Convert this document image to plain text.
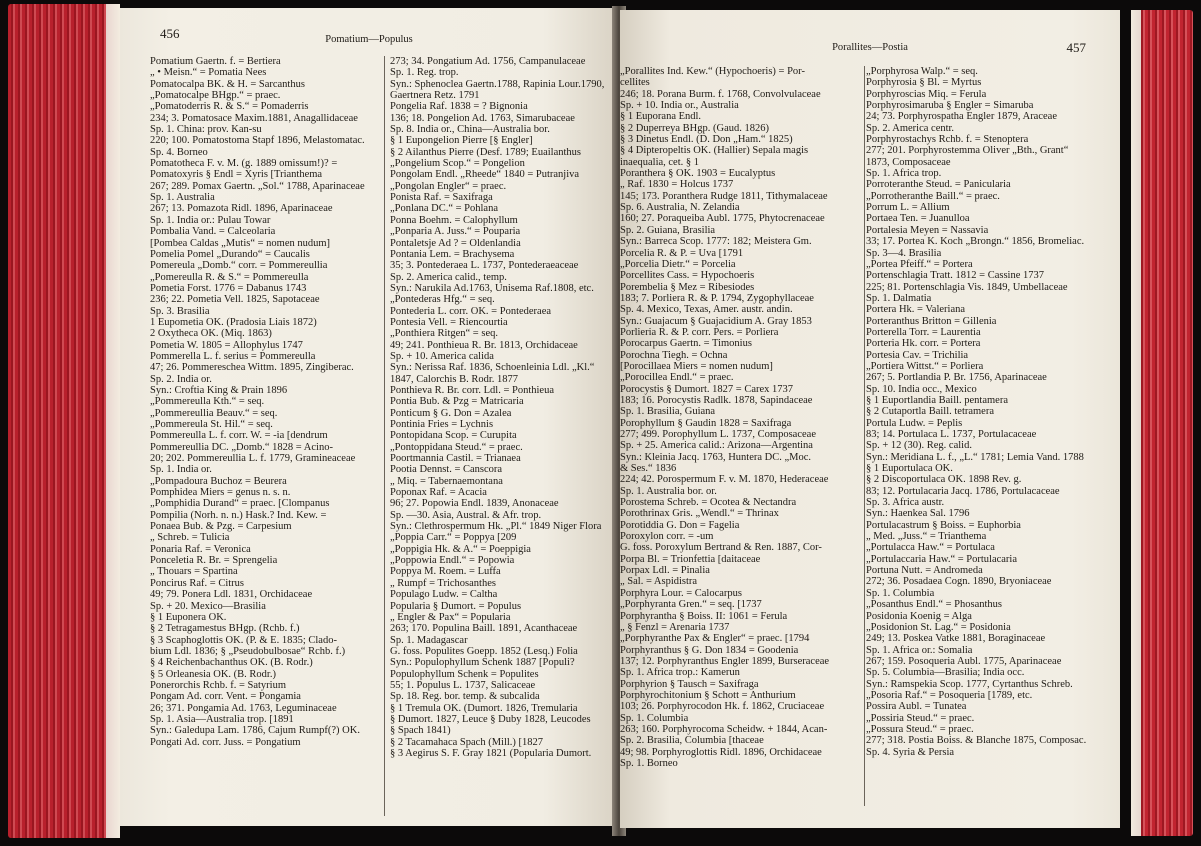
456	Pomatium—Populus
Pomatium Gaertn. f. = Bertiera
„ • Meisn.“ = Pomatia Nees
Pomatocalpa BK. & H. = Sarcanthus
„Pomatocalpe BHgp.“ = praec.
„Pomatoderris R. & S.“ = Pomaderris
234; 3. Pomatosace Maxim.1881, Anagallidaceae
Sp. 1. China: prov. Kan-su
220; 100. Pomatostoma Stapf 1896, Melastomatac.
Sp. 4. Borneo
Pomatotheca F. v. M. (g. 1889 omissum!)? =
Pomatoxyris § Endl = Xyris [Trianthema
267; 289. Pomax Gaertn. „Sol.“ 1788, Aparinaceae
Sp. 1. Australia
267; 13. Pomazota Ridl. 1896, Aparinaceae
Sp. 1. India or.: Pulau Towar
Pombalia Vand. = Calceolaria
[Pombea Caldas „Mutis“ = nomen nudum]
Pomelia Pomel „Durando“ = Caucalis
Pomereula „Domb.“ corr. = Pommereullia
„Pomereulla R. & S.“ = Pommereulla
Pometia Forst. 1776 = Dabanus 1743
236; 22. Pometia Vell. 1825, Sapotaceae
Sp. 3. Brasilia
1 Eupometia OK. (Pradosia Liais 1872)
2 Oxytheca OK. (Miq. 1863)
Pometia W. 1805 = Allophylus 1747
Pommerella L. f. serius = Pommereulla
47; 26. Pommereschea Wittm. 1895, Zingiberac.
Sp. 2. India or.
Syn.: Croftia King & Prain 1896
„Pommereulla Kth.“ = seq.
„Pommereullia Beauv.“ = seq.
„Pommereula St. Hil.“ = seq.
Pommereulla L. f. corr. W. = -ia [dendrum
Pommereullia DC. „Domb.“ 1828 = Acino-
20; 202. Pommereullia L. f. 1779, Gramineaceae
Sp. 1. India or.
„Pompadoura Buchoz = Beurera
Pomphidea Miers = genus n. s. n.
„Pomphidia Durand“ = praec. [Clompanus
Pompilia (Norh. n. n.) Hask.? Ind. Kew. =
Ponaea Bub. & Pzg. = Carpesium
„ Schreb. = Tulicia
Ponaria Raf. = Veronica
Ponceletia R. Br. = Sprengelia
„ Thouars = Spartina
Poncirus Raf. = Citrus
49; 79. Ponera Ldl. 1831, Orchidaceae
Sp. + 20. Mexico—Brasilia
§ 1 Euponera OK.
§ 2 Tetragamestus BHgp. (Rchb. f.)
§ 3 Scaphoglottis OK. (P. & E. 1835; Clado-
bium Ldl. 1836; § „Pseudobulbosae“ Rchb. f.)
§ 4 Reichenbachanthus OK. (B. Rodr.)
§ 5 Orleanesia OK. (B. Rodr.)
Ponerorchis Rchb. f. = Satyrium
Pongam Ad. corr. Vent. = Pongamia
26; 371. Pongamia Ad. 1763, Leguminaceae
Sp. 1. Asia—Australia trop. [1891
Syn.: Galedupa Lam. 1786, Cajum Rumpf(?) OK.
Pongati Ad. corr. Juss. = Pongatium
273; 34. Pongatium Ad. 1756, Campanulaceae
Sp. 1. Reg. trop.
Syn.: Sphenoclea Gaertn.1788, Rapinia Lour.1790,
Gaertnera Retz. 1791
Pongelia Raf. 1838 = ? Bignonia
136; 18. Pongelion Ad. 1763, Simarubaceae
Sp. 8. India or., China—Australia bor.
§ 1 Eupongelion Pierre [§ Engler]
§ 2 Ailanthus Pierre (Desf. 1789; Euailanthus
„Pongelium Scop.“ = Pongelion
Pongolam Endl. „Rheede“ 1840 = Putranjiva
„Pongolan Engler“ = praec.
Ponista Raf. = Saxifraga
„Ponlana DC.“ = Pohlana
Ponna Boehm. = Calophyllum
„Ponparia A. Juss.“ = Pouparia
Pontaletsje Ad ? = Oldenlandia
Pontania Lem. = Brachysema
35; 3. Pontederaea L. 1737, Pontederaeaceae
Sp. 2. America calid., temp.
Syn.: Narukila Ad.1763, Unisema Raf.1808, etc.
„Pontederas Hfg.“ = seq.
Pontederia L. corr. OK. = Pontederaea
Pontesia Vell. = Riencourtia
„Ponthiera Ritgen“ = seq.
49; 241. Ponthieua R. Br. 1813, Orchidaceae
Sp. + 10. America calida
Syn.: Nerissa Raf. 1836, Schoenleinia Ldl. „Kl.“
1847, Calorchis B. Rodr. 1877
Ponthieva R. Br. corr. Ldl. = Ponthieua
Pontia Bub. & Pzg = Matricaria
Ponticum § G. Don = Azalea
Pontinia Fries = Lychnis
Pontopidana Scop. = Curupita
„Pontoppidana Steud.“ = praec.
Poortmannia Castil. = Trianaea
Pootia Dennst. = Canscora
„ Miq. = Tabernaemontana
Poponax Raf. = Acacia
96; 27. Popowia Endl. 1839, Anonaceae
Sp. —30. Asia, Austral. & Afr. trop.
Syn.: Clethrospermum Hk. „Pl.“ 1849 Niger Flora
„Poppia Carr.“ = Poppya [209
„Poppigia Hk. & A.“ = Poeppigia
„Poppowia Endl.“ = Popowia
Poppya M. Roem. = Luffa
„ Rumpf = Trichosanthes
Populago Ludw. = Caltha
Popularia § Dumort. = Populus
„ Engler & Pax“ = Popularia
263; 170. Populina Baill. 1891, Acanthaceae
Sp. 1. Madagascar
G. foss. Populites Goepp. 1852 (Lesq.) Folia
Syn.: Populophyllum Schenk 1887 [Populi?
Populophyllum Schenk = Populites
55; 1. Populus L. 1737, Salicaceae
Sp. 18. Reg. bor. temp. & subcalida
§ 1 Tremula OK. (Dumort. 1826, Tremularia
§ Dumort. 1827, Leuce § Duby 1828, Leucodes
§ Spach 1841)
§ 2 Tacamahaca Spach (Mill.) [1827
§ 3 Aegirus S. F. Gray 1821 (Popularia Dumort.
Porallites—Postia	457
„Porallites Ind. Kew.“ (Hypochoeris) = Por-
cellites
246; 18. Porana Burm. f. 1768, Convolvulaceae
Sp. + 10. India or., Australia
§ 1 Euporana Endl.
§ 2 Duperreya BHgp. (Gaud. 1826)
§ 3 Dinetus Endl. (D. Don „Ham.“ 1825)
§ 4 Dipteropeltis OK. (Hallier) Sepala magis
inaequalia, cet. § 1
Poranthera § OK. 1903 = Eucalyptus
„ Raf. 1830 = Holcus 1737
145; 173. Poranthera Rudge 1811, Tithymalaceae
Sp. 6. Australia, N. Zelandia
160; 27. Poraqueiba Aubl. 1775, Phytocrenaceae
Sp. 2. Guiana, Brasilia
Syn.: Barreca Scop. 1777: 182; Meistera Gm.
Porcelia R. & P. = Uva [1791
„Porcelia Dietr.“ = Porcelia
Porcellites Cass. = Hypochoeris
Porembelia § Mez = Ribesiodes
183; 7. Porliera R. & P. 1794, Zygophyllaceae
Sp. 4. Mexico, Texas, Amer. austr. andin.
Syn.: Guajacum § Guajacidium A. Gray 1853
Porlieria R. & P. corr. Pers. = Porliera
Porocarpus Gaertn. = Timonius
Porochna Tiegh. = Ochna
[Porocillaea Miers = nomen nudum]
„Porocillea Endl.“ = praec.
Porocystis § Dumort. 1827 = Carex 1737
183; 16. Porocystis Radlk. 1878, Sapindaceae
Sp. 1. Brasilia, Guiana
Porophyllum § Gaudin 1828 = Saxifraga
277; 499. Porophyllum L. 1737, Composaceae
Sp. + 25. America calid.: Arizona—Argentina
Syn.: Kleinia Jacq. 1763, Huntera DC. „Moc.
& Ses.“ 1836
224; 42. Porospermum F. v. M. 1870, Hederaceae
Sp. 1. Australia bor. or.
Porostema Schreb. = Ocotea & Nectandra
Porothrinax Gris. „Wendl.“ = Thrinax
Porotiddia G. Don = Fagelia
Poroxylon corr. = -um
G. foss. Poroxylum Bertrand & Ren. 1887, Cor-
Porpa Bl. = Trionfettia [daitaceae
Porpax Ldl. = Pinalia
„ Sal. = Aspidistra
Porphyra Lour. = Calocarpus
„Porphyranta Gren.“ = seq. [1737
Porphyrantha § Boiss. II: 1061 = Ferula
„ § Fenzl = Arenaria 1737
„Porphyranthe Pax & Engler“ = praec. [1794
Porphyranthus § G. Don 1834 = Goodenia
137; 12. Porphyranthus Engler 1899, Burseraceae
Sp. 1. Africa trop.: Kamerun
Porphyrion § Tausch = Saxifraga
Porphyrochitonium § Schott = Anthurium
103; 26. Porphyrocodon Hk. f. 1862, Cruciaceae
Sp. 1. Columbia
263; 160. Porphyrocoma Scheidw. + 1844, Acan-
Sp. 2. Brasilia, Columbia [thaceae
49; 98. Porphyroglottis Ridl. 1896, Orchidaceae
Sp. 1. Borneo
„Porphyrosa Walp.“ = seq.
Porphyrosia § Bl. = Myrtus
Porphyroscias Miq. = Ferula
Porphyrosimaruba § Engler = Simaruba
24; 73. Porphyrospatha Engler 1879, Araceae
Sp. 2. America centr.
Porphyrostachys Rchb. f. = Stenoptera
277; 201. Porphyrostemma Oliver „Bth., Grant“
1873, Composaceae
Sp. 1. Africa trop.
Porroteranthe Steud. = Panicularia
„Porrotheranthe Baill.“ = praec.
Porrum L. = Allium
Portaea Ten. = Juanulloa
Portalesia Meyen = Nassavia
33; 17. Portea K. Koch „Brongn.“ 1856, Bromeliac.
Sp. 3—4. Brasilia
„Portea Pfeiff.“ = Portera
Portenschlagia Tratt. 1812 = Cassine 1737
225; 81. Portenschlagia Vis. 1849, Umbellaceae
Sp. 1. Dalmatia
Portera Hk. = Valeriana
Porteranthus Britton = Gillenia
Porterella Torr. = Laurentia
Porteria Hk. corr. = Portera
Portesia Cav. = Trichilia
„Portiera Wittst.“ = Porliera
267; 5. Portlandia P. Br. 1756, Aparinaceae
Sp. 10. India occ., Mexico
§ 1 Euportlandia Baill. pentamera
§ 2 Cutaportla Baill. tetramera
Portula Ludw. = Peplis
83; 14. Portulaca L. 1737, Portulacaceae
Sp. + 12 (30). Reg. calid.
Syn.: Meridiana L. f., „L.“ 1781; Lemia Vand. 1788
§ 1 Euportulaca OK.
§ 2 Discoportulaca OK. 1898 Rev. g.
83; 12. Portulacaria Jacq. 1786, Portulacaceae
Sp. 3. Africa austr.
Syn.: Haenkea Sal. 1796
Portulacastrum § Boiss. = Euphorbia
„ Med. „Juss.“ = Trianthema
„Portulacca Haw.“ = Portulaca
„Portulaccaria Haw.“ = Portulacaria
Portuna Nutt. = Andromeda
272; 36. Posadaea Cogn. 1890, Bryoniaceae
Sp. 1. Columbia
„Posanthus Endl.“ = Phosanthus
Posidonia Koenig = Alga
„Posidonion St. Lag.“ = Posidonia
249; 13. Poskea Vatke 1881, Boraginaceae
Sp. 1. Africa or.: Somalia
267; 159. Posoqueria Aubl. 1775, Aparinaceae
Sp. 5. Columbia—Brasilia; India occ.
Syn.: Ramspekia Scop. 1777, Cyrtanthus Schreb.
„Posoria Raf.“ = Posoqueria [1789, etc.
Possira Aubl. = Tunatea
„Possiria Steud.“ = praec.
„Possura Steud.“ = praec.
277; 318. Postia Boiss. & Blanche 1875, Composac.
Sp. 4. Syria & Persia
